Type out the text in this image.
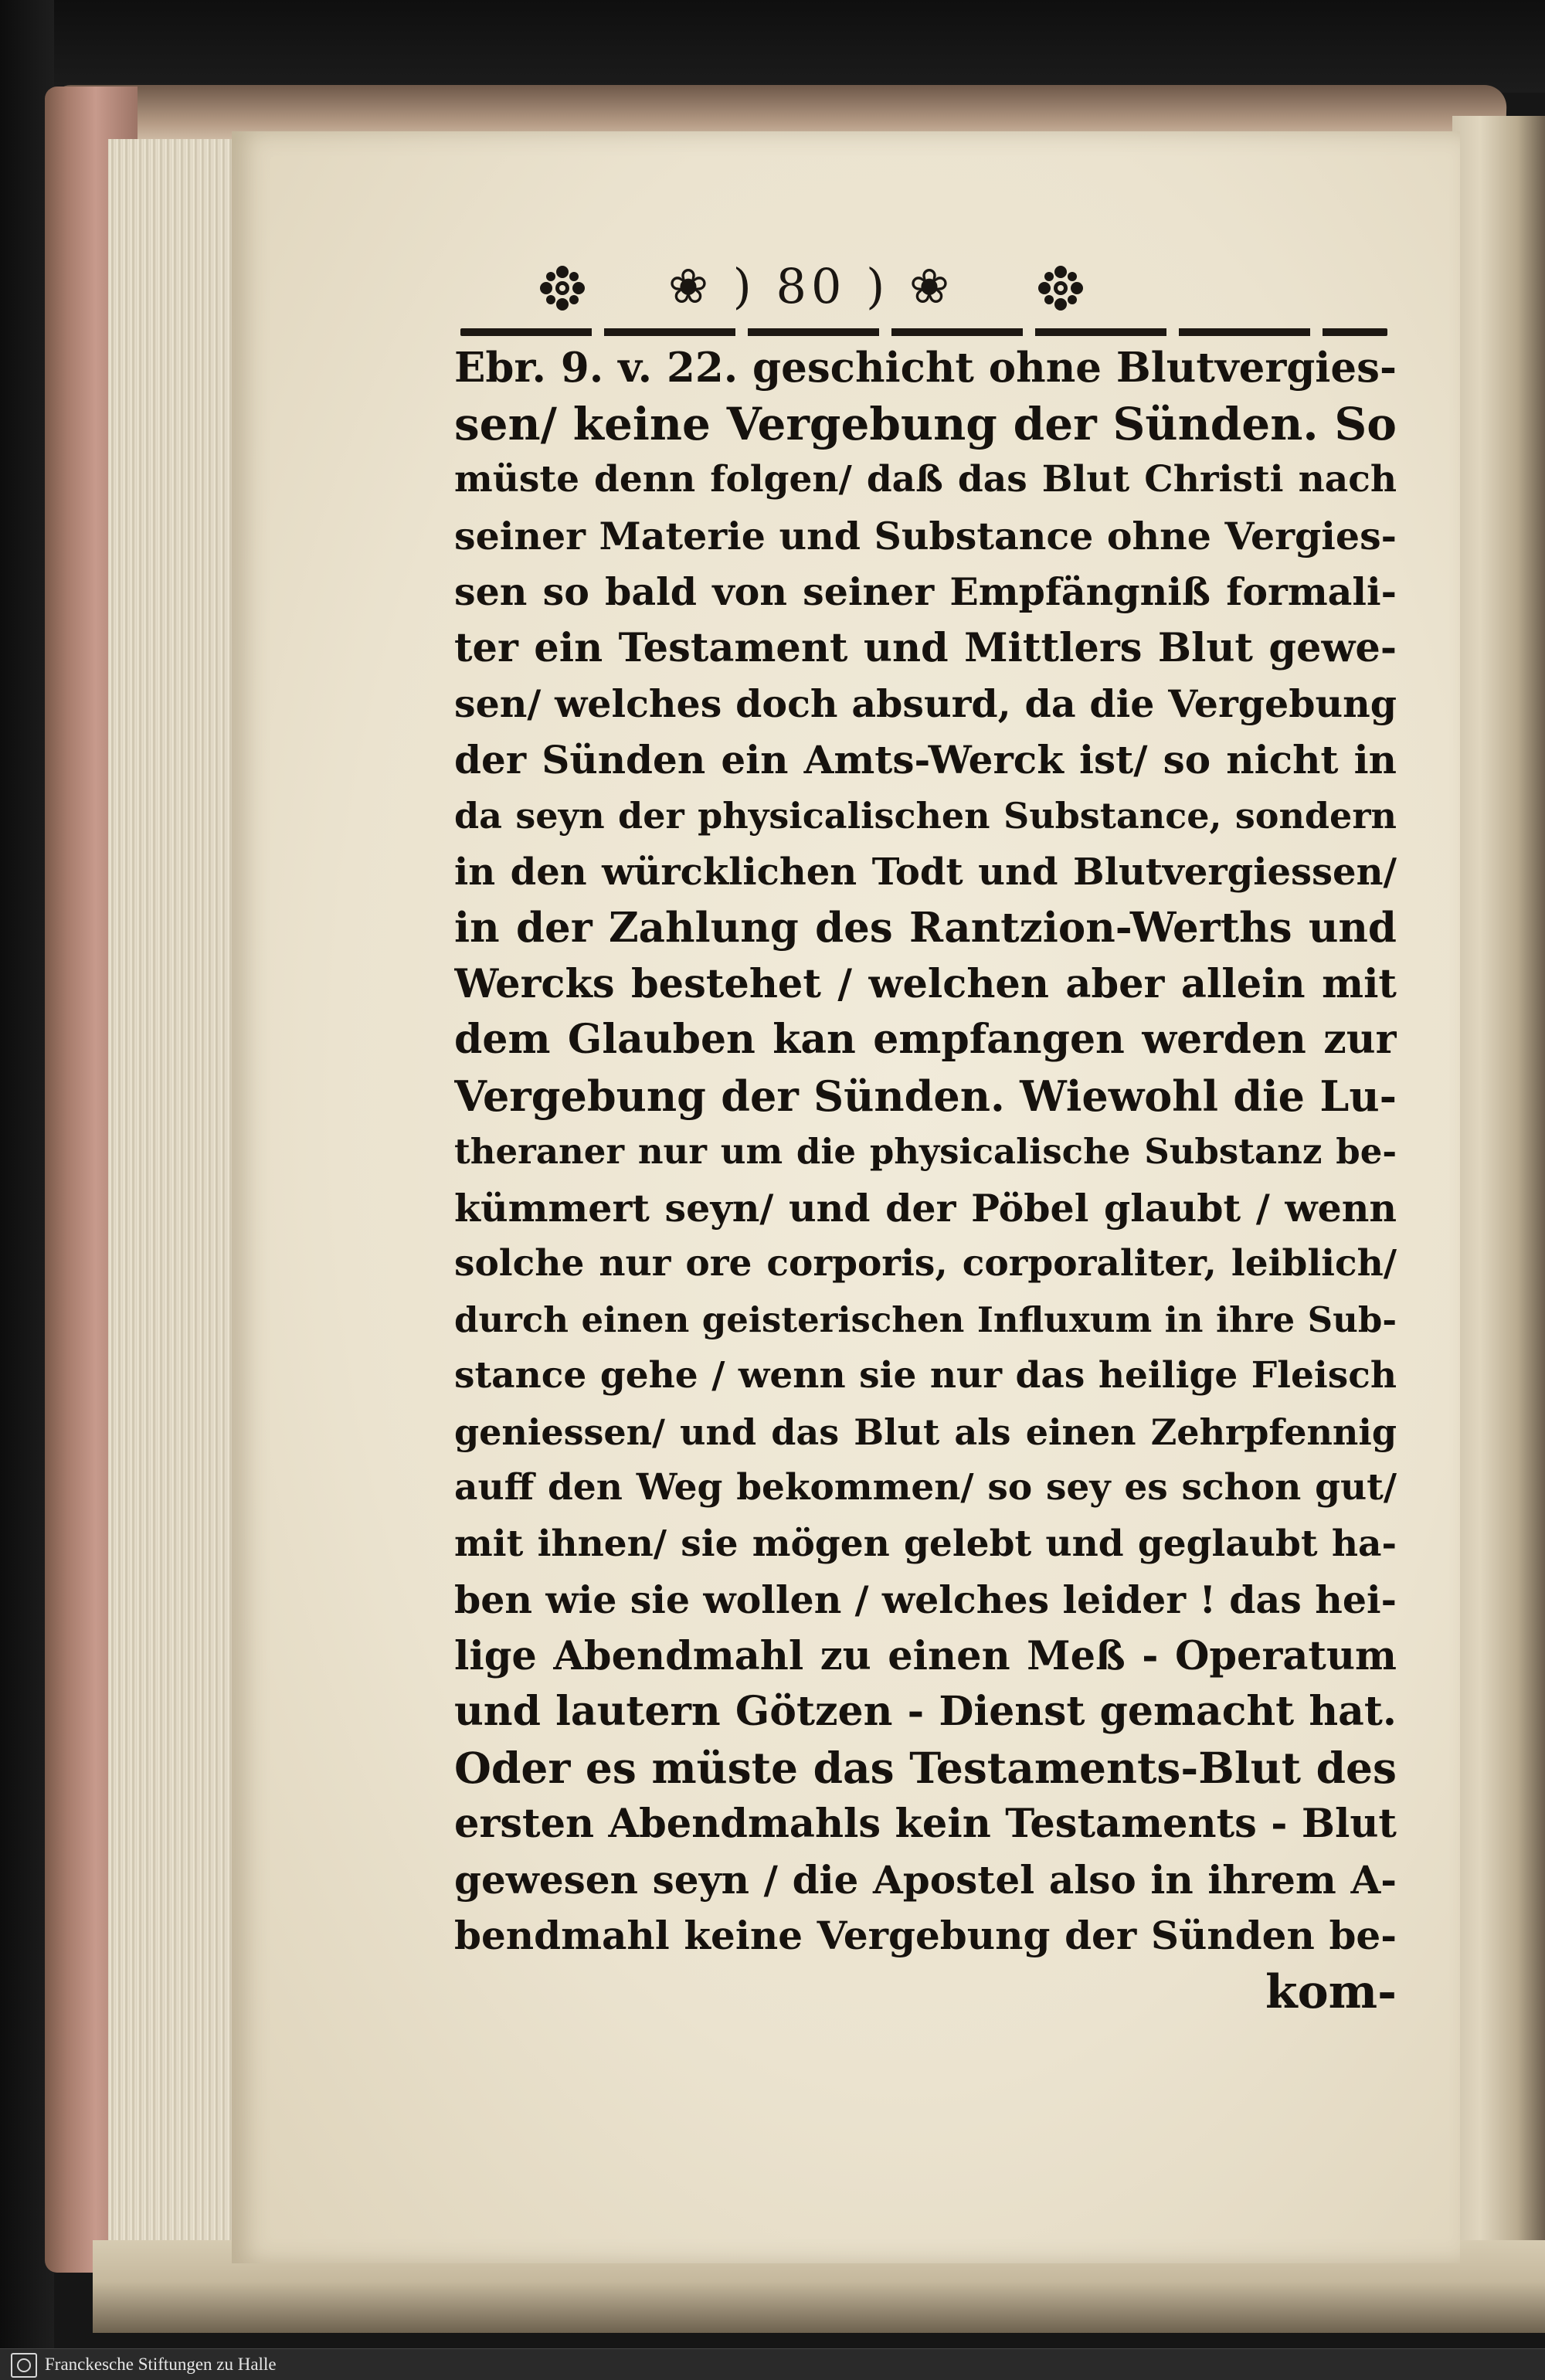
❀ ) 80 ) ❀
Ebr. 9. v. 22. geschicht ohne Blutvergies-
sen/ keine Vergebung der Sünden. So
müste denn folgen/ daß das Blut Christi nach
seiner Materie und Substance ohne Vergies-
sen so bald von seiner Empfängniß formali-
ter ein Testament und Mittlers Blut gewe-
sen/ welches doch absurd, da die Vergebung
der Sünden ein Amts-Werck ist/ so nicht in
da seyn der physicalischen Substance, sondern
in den würcklichen Todt und Blutvergiessen/
in der Zahlung des Rantzion-Werths und
Wercks bestehet / welchen aber allein mit
dem Glauben kan empfangen werden zur
Vergebung der Sünden. Wiewohl die Lu-
theraner nur um die physicalische Substanz be-
kümmert seyn/ und der Pöbel glaubt / wenn
solche nur ore corporis, corporaliter, leiblich/
durch einen geisterischen Influxum in ihre Sub-
stance gehe / wenn sie nur das heilige Fleisch
geniessen/ und das Blut als einen Zehrpfennig
auff den Weg bekommen/ so sey es schon gut/
mit ihnen/ sie mögen gelebt und geglaubt ha-
ben wie sie wollen / welches leider ! das hei-
lige Abendmahl zu einen Meß - Operatum
und lautern Götzen - Dienst gemacht hat.
Oder es müste das Testaments-Blut des
ersten Abendmahls kein Testaments - Blut
gewesen seyn / die Apostel also in ihrem A-
bendmahl keine Vergebung der Sünden be-
kom-
Franckesche Stiftungen zu Halle
